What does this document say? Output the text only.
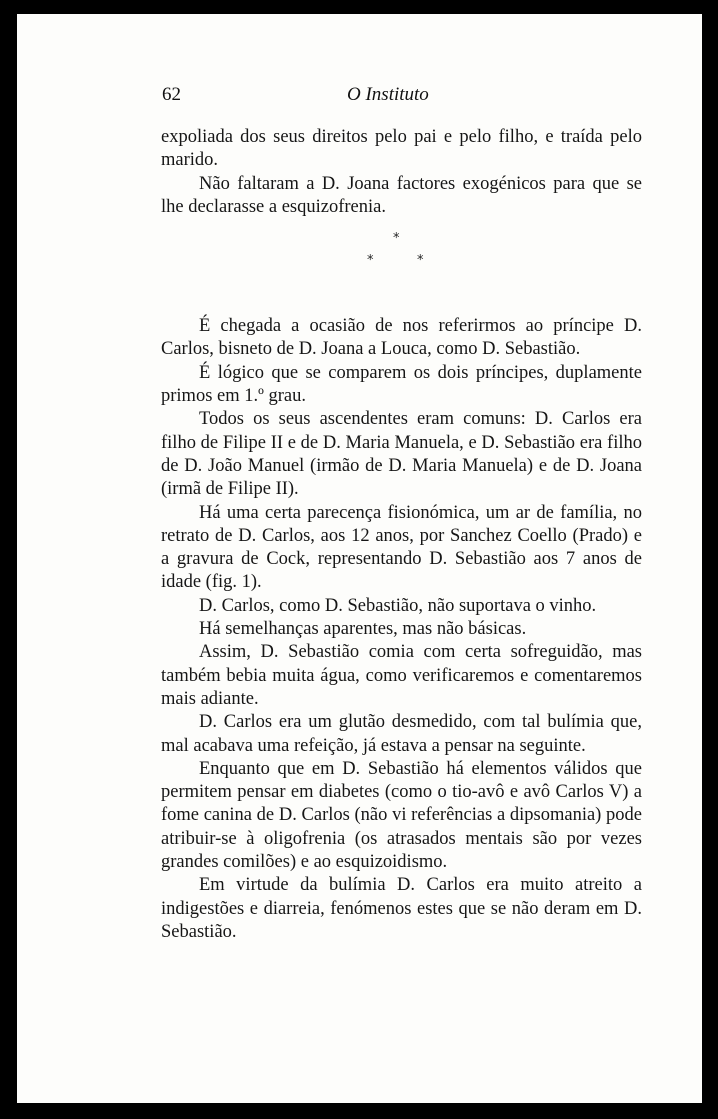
62	O Instituto

expoliada dos seus direitos pelo pai e pelo filho, e traída pelo marido.

Não faltaram a D. Joana factores exogénicos para que se lhe declarasse a esquizofrenia.

*
*	*

É chegada a ocasião de nos referirmos ao príncipe D. Carlos, bisneto de D. Joana a Louca, como D. Sebastião.

É lógico que se comparem os dois príncipes, duplamente primos em 1.º grau.

Todos os seus ascendentes eram comuns: D. Carlos era filho de Filipe II e de D. Maria Manuela, e D. Sebastião era filho de D. João Manuel (irmão de D. Maria Manuela) e de D. Joana (irmã de Filipe II).

Há uma certa parecença fisionómica, um ar de família, no retrato de D. Carlos, aos 12 anos, por Sanchez Coello (Prado) e a gravura de Cock, representando D. Sebastião aos 7 anos de idade (fig. 1).

D. Carlos, como D. Sebastião, não suportava o vinho.

Há semelhanças aparentes, mas não básicas.

Assim, D. Sebastião comia com certa sofreguidão, mas também bebia muita água, como verificaremos e comentaremos mais adiante.

D. Carlos era um glutão desmedido, com tal bulímia que, mal acabava uma refeição, já estava a pensar na seguinte.

Enquanto que em D. Sebastião há elementos válidos que permitem pensar em diabetes (como o tio-avô e avô Carlos V) a fome canina de D. Carlos (não vi referências a dipsomania) pode atribuir-se à oligofrenia (os atrasados mentais são por vezes grandes comilões) e ao esquizoidismo.

Em virtude da bulímia D. Carlos era muito atreito a indigestões e diarreia, fenómenos estes que se não deram em D. Sebastião.
